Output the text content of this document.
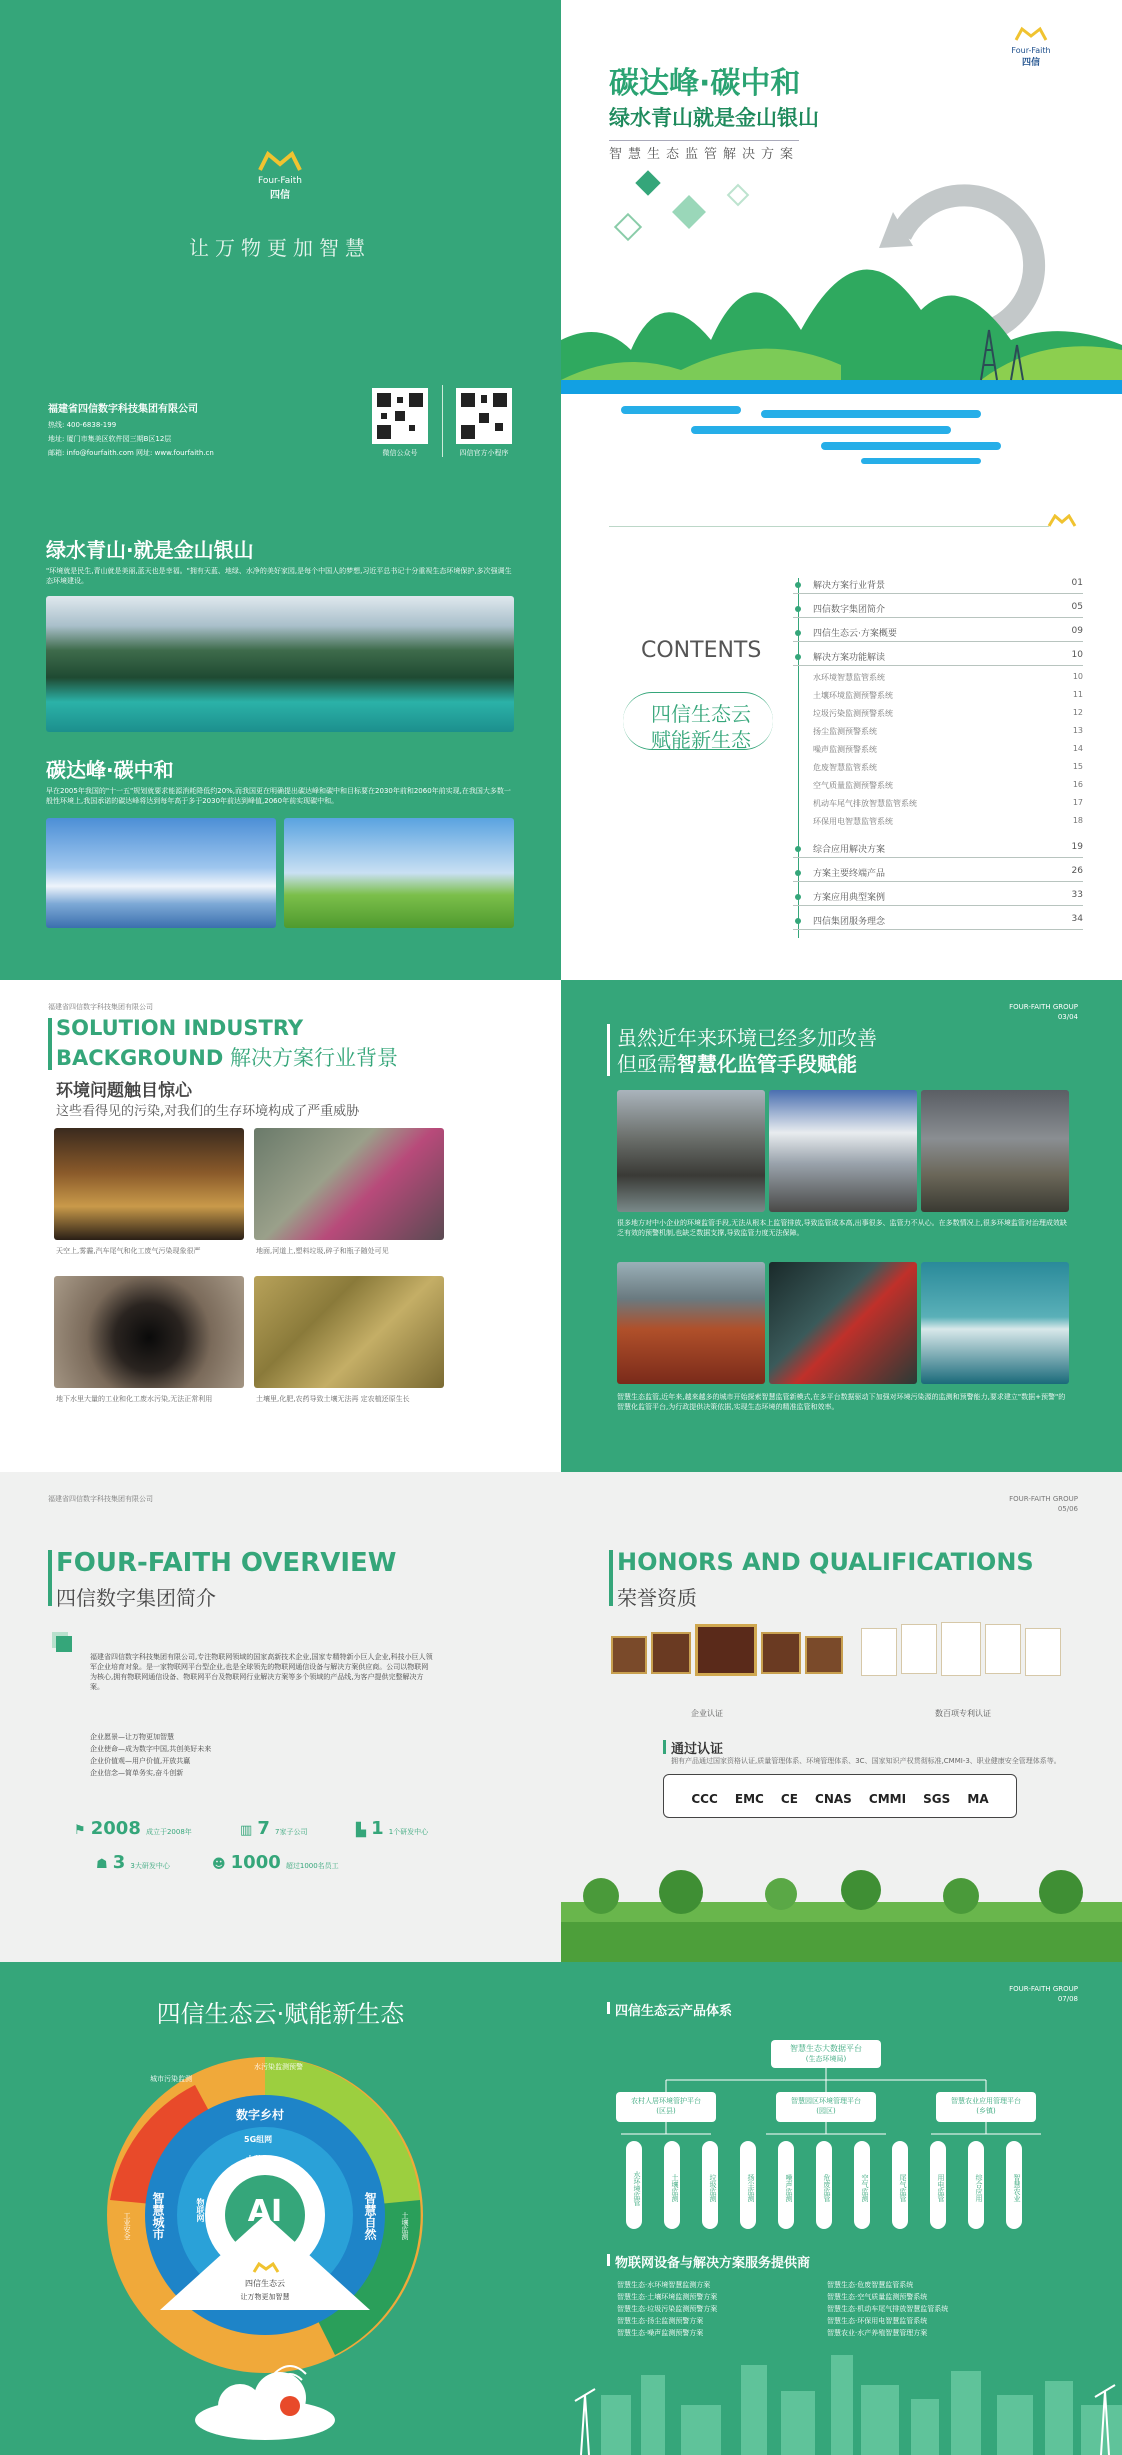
Four-Faith
四信
让万物更加智慧
福建省四信数字科技集团有限公司
热线: 400-6838-199
地址: 厦门市集美区软件园三期B区12层
邮箱: info@fourfaith.com 网址: www.fourfaith.cn	微信公众号	四信官方小程序
Four-Faith
四信
碳达峰·碳中和
绿水青山就是金山银山
智慧生态监管解决方案
绿水青山·就是金山银山
"环境就是民生,青山就是美丽,蓝天也是幸福。"拥有天蓝、地绿、水净的美好家园,是每个中国人的梦想,习近平总书记十分重视生态环境保护,多次强调生态环境建设。
碳达峰·碳中和
早在2005年我国的"十一五"规划就要求能源消耗降低约20%,而我国更在明确提出碳达峰和碳中和目标要在2030年前和2060年前实现,在我国大多数一般性环境上,我国承诺的碳达峰将达到每年高于多于2030年前达到峰值,2060年前实现碳中和。
CONTENTS
四信生态云
赋能新生态
解决方案行业背景	01
四信数字集团简介	05
四信生态云·方案概要	09
解决方案功能解读	10
水环境智慧监管系统	10
土壤环境监测预警系统	11
垃圾污染监测预警系统	12
扬尘监测预警系统	13
噪声监测预警系统	14
危废智慧监管系统	15
空气质量监测预警系统	16
机动车尾气排放智慧监管系统	17
环保用电智慧监管系统	18
综合应用解决方案	19
方案主要终端产品	26
方案应用典型案例	33
四信集团服务理念	34
福建省四信数字科技集团有限公司
SOLUTION INDUSTRY
BACKGROUND 解决方案行业背景
环境问题触目惊心
这些看得见的污染,对我们的生存环境构成了严重威胁
天空上,雾霾,汽车尾气和化工废气污染现象很严	地面,河道上,塑料垃圾,碎子和瓶子随处可见
地下水里大量的工业和化工废水污染,无法正常利用	土壤里,化肥,农药导致土壤无法再 定农植还原生长
FOUR-FAITH GROUP
03/04
虽然近年来环境已经多加改善
但亟需智慧化监管手段赋能
很多地方对中小企业的环境监管手段,无法从根本上监管排放,导致监管成本高,出事很多、监管力不从心。在多数情况上,很多环境监管对治理成效缺乏有效的预警机制,也缺乏数据支撑,导致监管力度无法保障。
智慧生态监管,近年来,越来越多的城市开始探索智慧监管新模式,在多平台数据驱动下加强对环境污染源的监测和预警能力,要求建立"数据+预警"的智慧化监管平台,为行政提供决策依据,实现生态环境的精准监管和效率。
福建省四信数字科技集团有限公司
FOUR-FAITH OVERVIEW
四信数字集团简介
福建省四信数字科技集团有限公司,专注物联网领域的国家高新技术企业,国家专精特新小巨人企业,科技小巨人领军企业培育对象。是一家物联网平台型企业,也是全球领先的物联网通信设备与解决方案供应商。公司以物联网为核心,拥有物联网通信设备、物联网平台及物联网行业解决方案等多个领域的产品线,为客户提供完整解决方案。
企业愿景—让万物更加智慧
企业使命—成为数字中国,共创美好未来
企业价值观—用户价值,开放共赢
企业信念—简单务实,奋斗创新
⚑ 2008 成立于2008年	▥ 7 7家子公司	▙ 1 1个研发中心
☗ 3 3大研发中心	☻ 1000 超过1000名员工
FOUR-FAITH GROUP
05/06
HONORS AND QUALIFICATIONS
荣誉资质
企业认证	数百项专利认证
通过认证
拥有产品通过国家资格认证,质量管理体系、环境管理体系、3C、国家知识产权贯彻标准,CMMI-3、职业健康安全管理体系等。
CCC EMC CE CNAS CMMI SGS MA
四信生态云·赋能新生态
AI
大数据
云计算
物联网
5G组网
数字乡村
智慧城市	智慧自然
城市污染监测
水污染监测预警
工业安全	土壤监测
四信生态云
让万物更加智慧
FOUR-FAITH GROUP
07/08
四信生态云产品体系
智慧生态大数据平台
(生态环境局)
农村人居环境管护平台
(区县)
智慧园区环境管理平台
(园区)
智慧农业应用管理平台
(乡镇)
水环境监管	土壤监测	垃圾监测	扬尘监测	噪声监测	危废监管	空气监测	尾气监管	用电监管	综合应用	智慧农业
物联网设备与解决方案服务提供商
智慧生态·水环境智慧监测方案
智慧生态·土壤环境监测预警方案
智慧生态·垃圾污染监测预警方案
智慧生态·扬尘监测预警方案
智慧生态·噪声监测预警方案
智慧生态·危废智慧监管系统
智慧生态·空气质量监测预警系统
智慧生态·机动车尾气排放智慧监管系统
智慧生态·环保用电智慧监管系统
智慧农业·水产养殖智慧管理方案
